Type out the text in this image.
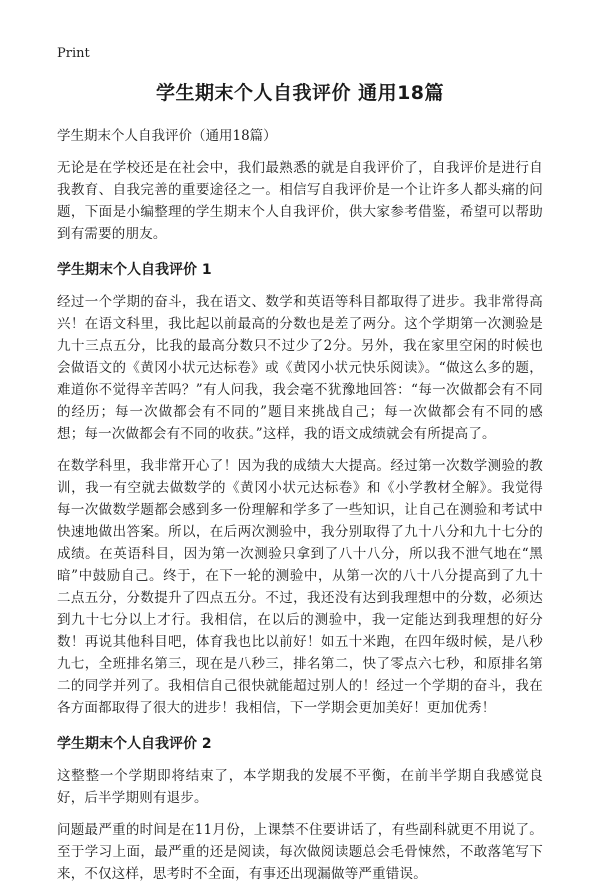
Print
学生期末个人自我评价 通用18篇
学生期末个人自我评价（通用18篇）

无论是在学校还是在社会中，我们最熟悉的就是自我评价了，自我评价是进行自我教育、自我完善的重要途径之一。相信写自我评价是一个让许多人都头痛的问题，下面是小编整理的学生期末个人自我评价，供大家参考借鉴，希望可以帮助到有需要的朋友。

学生期末个人自我评价 1

经过一个学期的奋斗，我在语文、数学和英语等科目都取得了进步。我非常得高兴！在语文科里，我比起以前最高的分数也是差了两分。这个学期第一次测验是九十三点五分，比我的最高分数只不过少了2分。另外，我在家里空闲的时候也会做语文的《黄冈小状元达标卷》或《黄冈小状元快乐阅读》。“做这么多的题，难道你不觉得辛苦吗？”有人问我，我会毫不犹豫地回答：“每一次做都会有不同的经历；每一次做都会有不同的”题目来挑战自己；每一次做都会有不同的感想；每一次做都会有不同的收获。”这样，我的语文成绩就会有所提高了。

在数学科里，我非常开心了！因为我的成绩大大提高。经过第一次数学测验的教训，我一有空就去做数学的《黄冈小状元达标卷》和《小学教材全解》。我觉得每一次做数学题都会感到多一份理解和学多了一些知识，让自己在测验和考试中快速地做出答案。所以，在后两次测验中，我分别取得了九十八分和九十七分的成绩。在英语科目，因为第一次测验只拿到了八十八分，所以我不泄气地在“黑暗”中鼓励自己。终于，在下一轮的测验中，从第一次的八十八分提高到了九十二点五分，分数提升了四点五分。不过，我还没有达到我理想中的分数，必须达到九十七分以上才行。我相信，在以后的测验中，我一定能达到我理想的好分数！再说其他科目吧，体育我也比以前好！如五十米跑，在四年级时候，是八秒九七，全班排名第三，现在是八秒三，排名第二，快了零点六七秒，和原排名第二的同学并列了。我相信自己很快就能超过别人的！经过一个学期的奋斗，我在各方面都取得了很大的进步！我相信，下一学期会更加美好！更加优秀！

学生期末个人自我评价 2

这整整一个学期即将结束了，本学期我的发展不平衡，在前半学期自我感觉良好，后半学期则有退步。

问题最严重的时间是在11月份，上课禁不住要讲话了，有些副科就更不用说了。至于学习上面，最严重的还是阅读，每次做阅读题总会毛骨悚然，不敢落笔写下来，不仅这样，思考时不全面，有事还出现漏做等严重错误。
